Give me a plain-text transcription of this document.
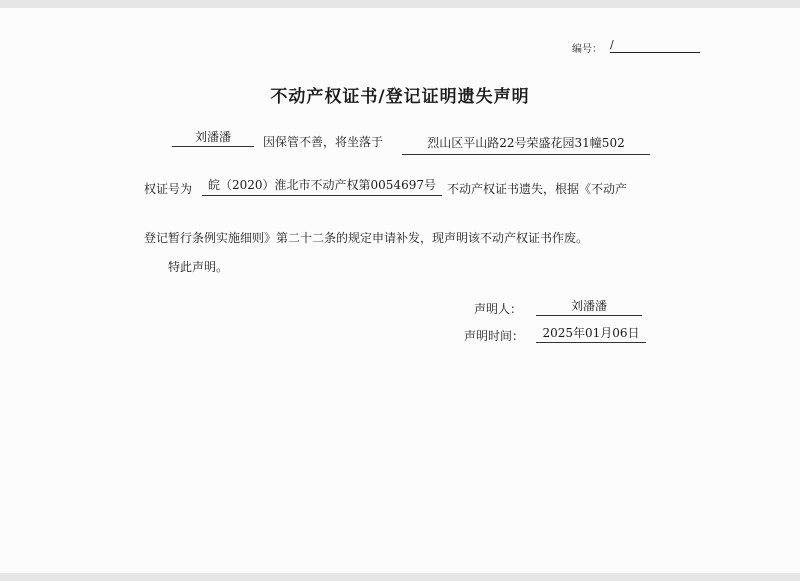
编号： /
不动产权证书/登记证明遗失声明
刘潘潘	因保管不善，将坐落于	烈山区平山路22号荣盛花园31幢502
权证号为	皖（2020）淮北市不动产权第0054697号 不动产权证书遗失，根据《不动产
登记暂行条例实施细则》第二十二条的规定申请补发，现声明该不动产权证书作废。
特此声明。
声明人：	刘潘潘
声明时间：	2025年01月06日
